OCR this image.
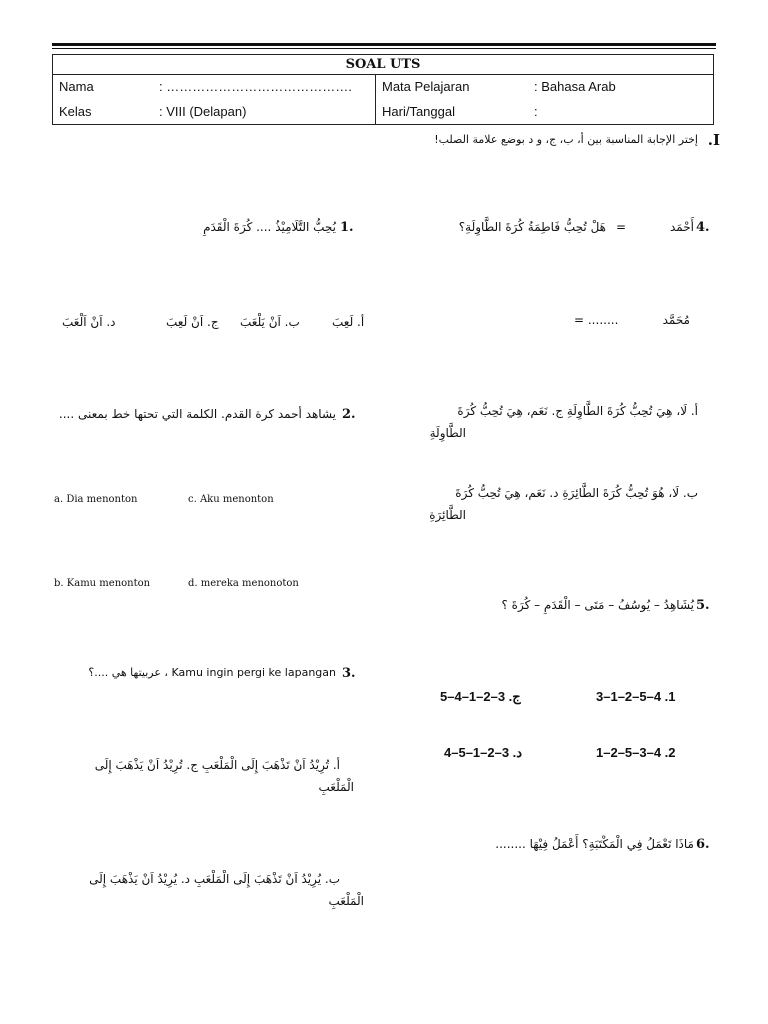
SOAL UTS			
Nama	: …………………………………….	Mata Pelajaran	: Bahasa Arab
Kelas	: VIII (Delapan)	Hari/Tanggal	:
.I
إختر الإجابة المناسبة بين أ، ب، ج، و د بوضع علامة الصلب!
1.
يُحِبُّ التَّلَامِيْذُ .... كُرَةَ الْقَدَمِ
أ. لَعِبَ
ب. اَنْ يَلْعَبَ
ج. اَنْ لَعِبَ
د. اَنْ اَلْعَبَ
2.
يشاهد أحمد كرة القدم. الكلمة التي تحتها خط بمعنى ....
a. Dia menonton	c. Aku menonton
b. Kamu menonton	d. mereka menonoton
3.
Kamu ingin pergi ke lapangan ، عربيتها هي ....؟
أ. تُرِيْدُ اَنْ تَذْهَبَ إِلَى الْمَلْعَبِ ج. تُرِيْدُ اَنْ يَذْهَبَ إِلَى
الْمَلْعَبِ
ب. يُرِيْدُ اَنْ تَذْهَبَ إِلَى الْمَلْعَبِ د. يُرِيْدُ اَنْ يَذْهَبَ إِلَى
الْمَلْعَبِ
4.
أَحْمَد
=
هَلْ تُحِبُّ فَاطِمَةُ كُرَةَ الطَّاوِلَةِ؟
مُحَمَّد
= ........
أ. لَا، هِيَ تُحِبُّ كُرَةَ الطَّاوِلَةِ ج. نَعَم، هِيَ تُحِبُّ كُرَةَ
الطَّاوِلَةِ
ب. لَا، هُوَ تُحِبُّ كُرَةَ الطَّائِرَةِ د. نَعَم، هِيَ تُحِبُّ كُرَةَ
الطَّائِرَةِ
5.
يُشَاهِدُ – يُوسُفُ – مَتَى – الْقَدَمِ – كُرَةَ ؟
3–1–2–5–4 .1
1–2–5–3–4 .2
5–4–1–2–3 .ج
4–5–1–2–3 .د
6.
مَاذَا تَعْمَلُ فِي الْمَكْتَبَةِ؟ أَعْمَلُ فِيْهَا ........
